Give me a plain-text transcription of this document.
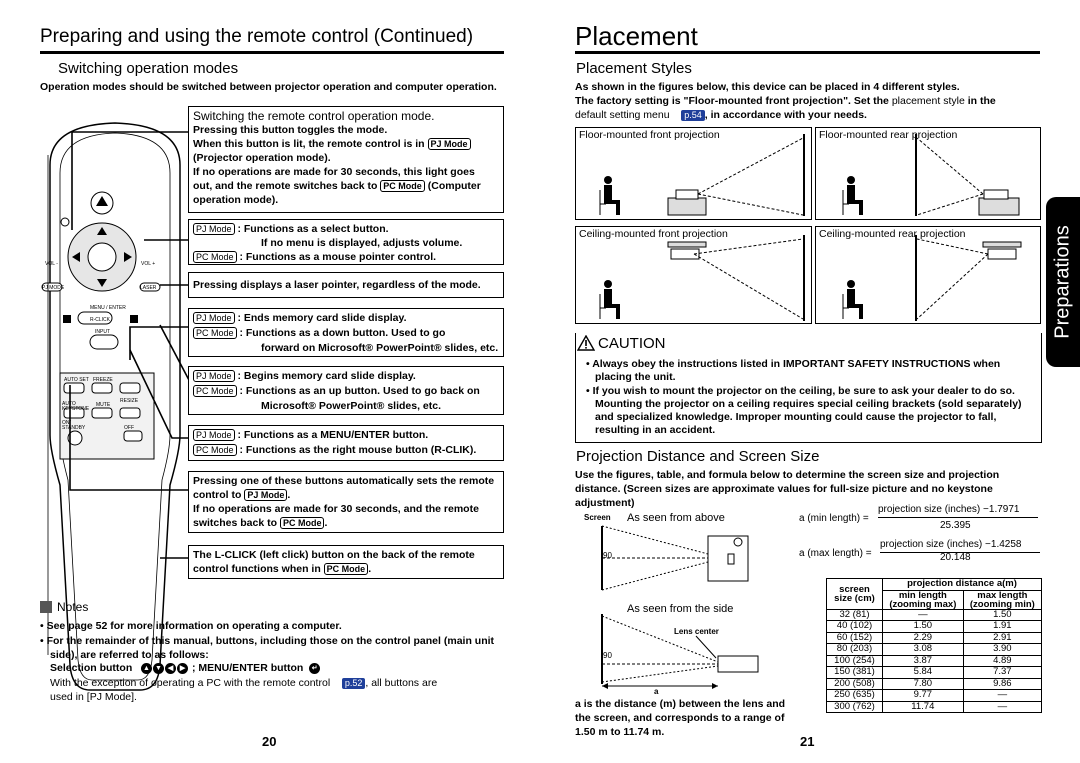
Preparing and using the remote control (Continued)
Switching operation modes
Operation modes should be switched between projector operation and computer operation.
VOL -	VOL +
PJ MODE	LASER
MENU / ENTER
R-CLICK
INPUT
AUTO SET FREEZE
AUTO KEYSTONE
MUTE
RESIZE
ON/ STANDBY	OFF
Switching the remote control operation mode.
Pressing this button toggles the mode.
When this button is lit, the remote control is in PJ Mode
(Projector operation mode).
If no operations are made for 30 seconds, this light goes
out, and the remote switches back to PC Mode (Computer
operation mode).
PJ Mode : Functions as a select button.
If no menu is displayed, adjusts volume.
PC Mode : Functions as a mouse pointer control.
Pressing displays a laser pointer, regardless of the mode.
PJ Mode : Ends memory card slide display.
PC Mode : Functions as a down button. Used to go
forward on Microsoft® PowerPoint® slides, etc.
PJ Mode : Begins memory card slide display.
PC Mode : Functions as an up button. Used to go back on
Microsoft® PowerPoint® slides, etc.
PJ Mode : Functions as a MENU/ENTER button.
PC Mode : Functions as the right mouse button (R-CLIK).
Pressing one of these buttons automatically sets the remote
control to PJ Mode .
If no operations are made for 30 seconds, and the remote
switches back to PC Mode .
The L-CLICK (left click) button on the back of the remote
control functions when in PC Mode .
Notes
• See page 52 for more information on operating a computer.
• For the remainder of this manual, buttons, including those on the control panel (main unit
side), are referred to as follows:
Selection button ▲ ▼ ◀ ▶ ; MENU/ENTER button ↵
With the exception of operating a PC with the remote control p.52 , all buttons are
used in [PJ Mode].
20
Placement
Placement Styles
As shown in the figures below, this device can be placed in 4 different styles.
The factory setting is "Floor-mounted front projection". Set the placement style in the
default setting menu p.54 , in accordance with your needs.
Floor-mounted front projection	Floor-mounted rear projection
Ceiling-mounted front projection	Ceiling-mounted rear projection	Preparations
CAUTION
• Always obey the instructions listed in IMPORTANT SAFETY INSTRUCTIONS when
placing the unit.
• If you wish to mount the projector on the ceiling, be sure to ask your dealer to do so.
Mounting the projector on a ceiling requires special ceiling brackets (sold separately)
and specialized knowledge. Improper mounting could cause the projector to fall,
resulting in an accident.
Projection Distance and Screen Size
Use the figures, table, and formula below to determine the screen size and projection
distance. (Screen sizes are approximate values for full-size picture and no keystone
adjustment)
Screen As seen from above
90
As seen from the side
Lens center
90
a
a is the distance (m) between the lens and
the screen, and corresponds to a range of
1.50 m to 11.74 m.
a (min length) =
projection size (inches) −1.7971
25.395
a (max length) =
projection size (inches) −1.4258
20.148
screen
size (cm)	projection distance a(m)	
	min length
(zooming max)	max length
(zooming min)
32 (81)	—	1.50
40 (102)	1.50	1.91
60 (152)	2.29	2.91
80 (203)	3.08	3.90
100 (254)	3.87	4.89
150 (381)	5.84	7.37
200 (508)	7.80	9.86
250 (635)	9.77	—
300 (762)	11.74	—
21
